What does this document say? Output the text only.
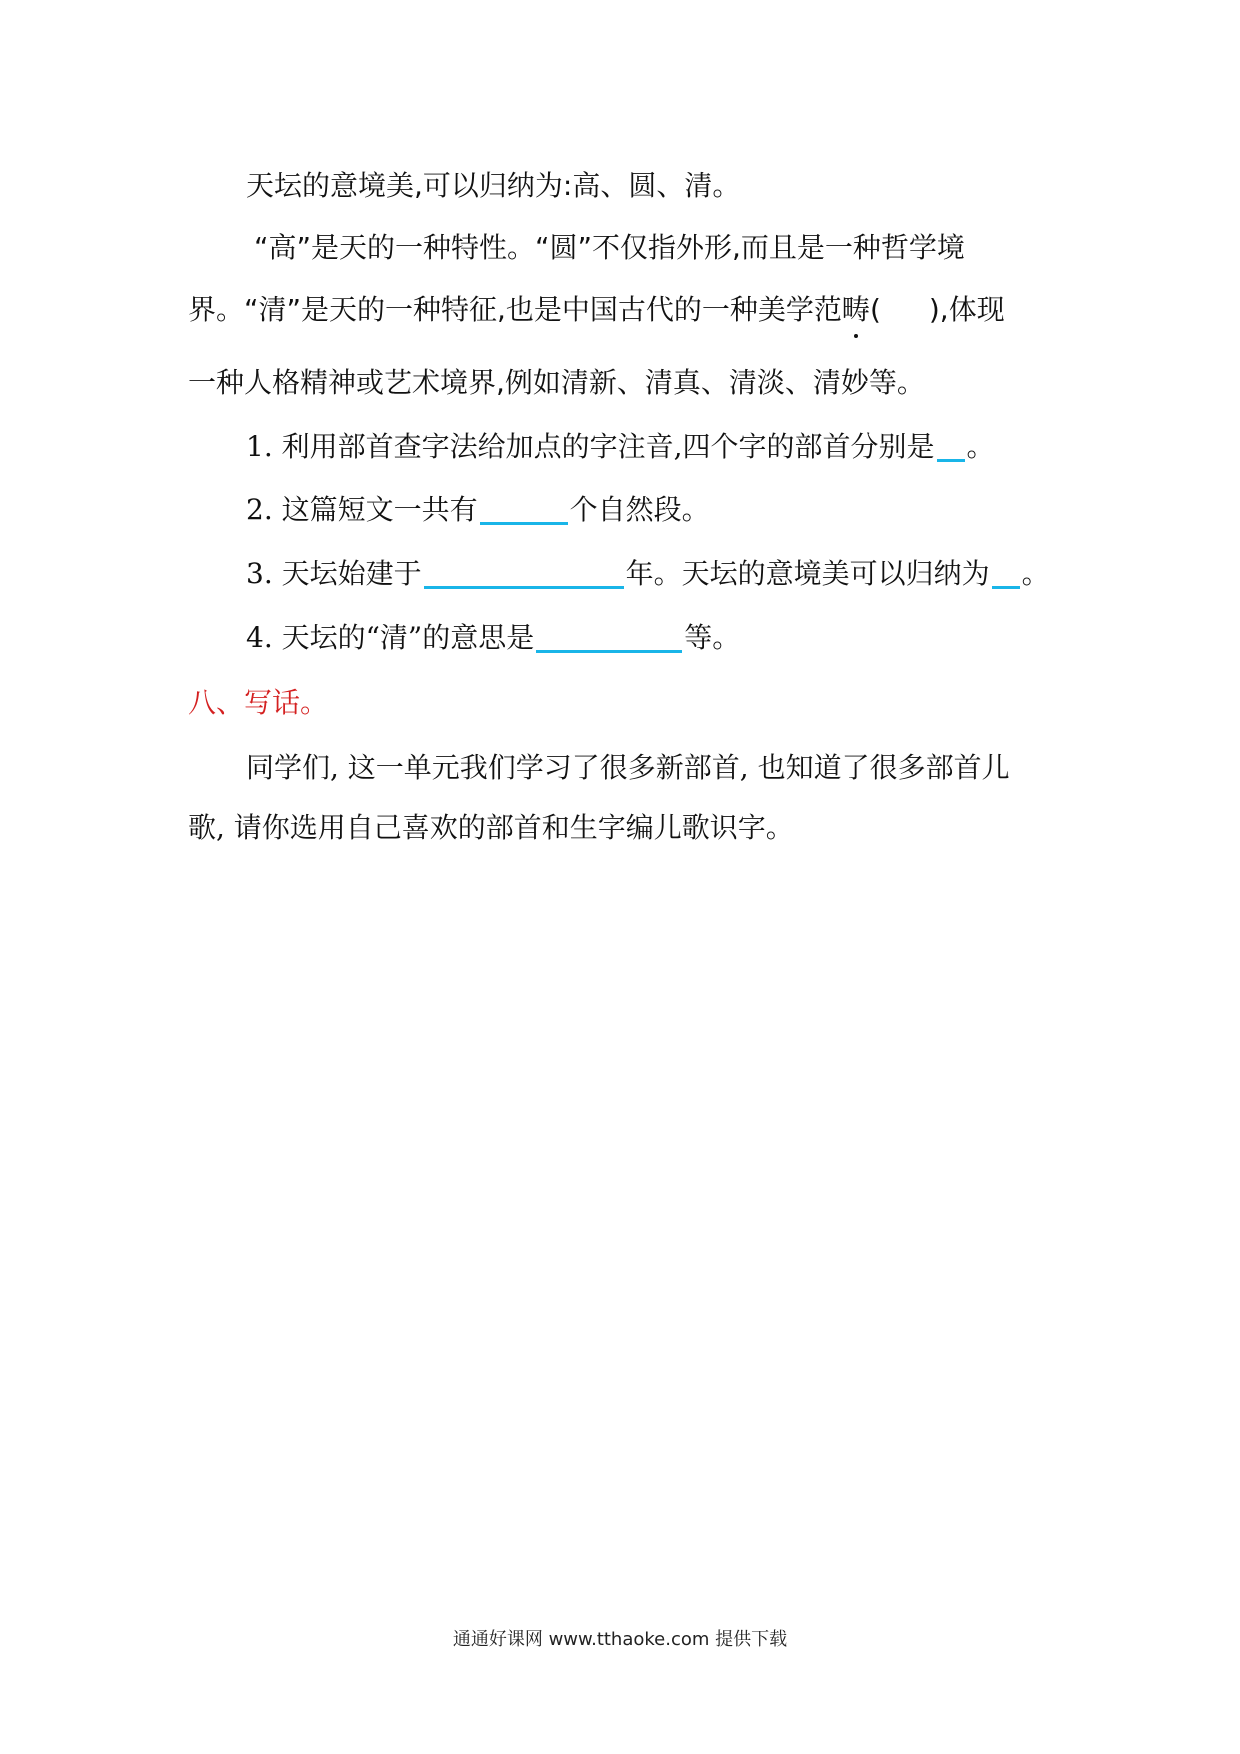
天坛的意境美,可以归纳为:高、圆、清。
“高”是天的一种特性。“圆”不仅指外形,而且是一种哲学境
界。“清”是天的一种特征,也是中国古代的一种美学范畴( ),体现
一种人格精神或艺术境界,例如清新、清真、清淡、清妙等。
1. 利用部首查字法给加点的字注音,四个字的部首分别是 。
2. 这篇短文一共有	个自然段。
3. 天坛始建于	年。天坛的意境美可以归纳为 。
4. 天坛的“清”的意思是	等。
八、写话。
同学们, 这一单元我们学习了很多新部首, 也知道了很多部首儿
歌, 请你选用自己喜欢的部首和生字编儿歌识字。
通通好课网 www.tthaoke.com 提供下载
